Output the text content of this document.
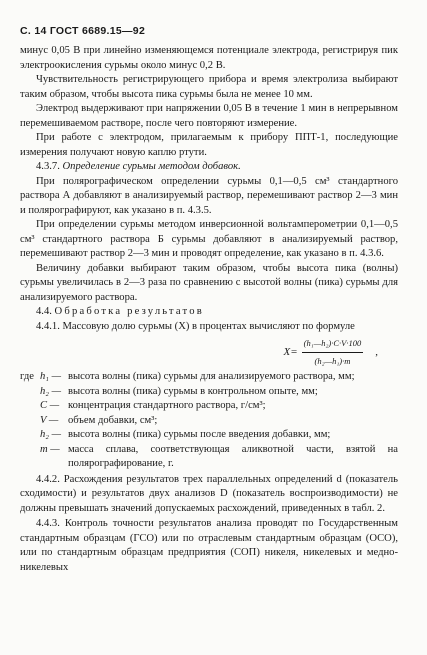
С. 14 ГОСТ 6689.15—92

минус 0,05 В при линейно изменяющемся потенциале электрода, регистрируя пик электроокисления сурьмы около минус 0,2 В.

Чувствительность регистрирующего прибора и время электролиза выбирают таким образом, чтобы высота пика сурьмы была не менее 10 мм.

Электрод выдерживают при напряжении 0,05 В в течение 1 мин в непрерывном перемешиваемом растворе, после чего повторяют измерение.

При работе с электродом, прилагаемым к прибору ППТ-1, последующие измерения получают новую каплю ртути.

4.3.7. Определение сурьмы методом добавок.

При полярографическом определении сурьмы 0,1—0,5 см³ стандартного раствора А добавляют в анализируемый раствор, перемешивают раствор 2—3 мин и полярографируют, как указано в п. 4.3.5.

При определении сурьмы методом инверсионной вольтамперометрии 0,1—0,5 см³ стандартного раствора Б сурьмы добавляют в анализируемый раствор, перемешивают раствор 2—3 мин и проводят определение, как указано в п. 4.3.6.

Величину добавки выбирают таким образом, чтобы высота пика (волны) сурьмы увеличилась в 2—3 раза по сравнению с высотой волны (пика) сурьмы для анализируемого раствора.

4.4. Обработка результатов

4.4.1. Массовую долю сурьмы (X) в процентах вычисляют по формуле

$X= \frac{\text{(h₁—h₂)·C·V·100}}{\text{(h₂—h₁)·m}}$ ,
где h₁ — высота волны (пика) сурьмы для анализируемого раствора, мм;
h₂ — высота волны (пика) сурьмы в контрольном опыте, мм;
C — концентрация стандартного раствора, г/см³;
V — объем добавки, см³;
h₂ — высота волны (пика) сурьмы после введения добавки, мм;
m — масса сплава, соответствующая аликвотной части, взятой на полярографирование, г.

4.4.2. Расхождения результатов трех параллельных определений d (показатель сходимости) и результатов двух анализов D (показатель воспроизводимости) не должны превышать значений допускаемых расхождений, приведенных в табл. 2.

4.4.3. Контроль точности результатов анализа проводят по Государственным стандартным образцам (ГСО) или по отраслевым стандартным образцам (ОСО), или по стандартным образцам предприятия (СОП) никеля, никелевых и медно-никелевых
